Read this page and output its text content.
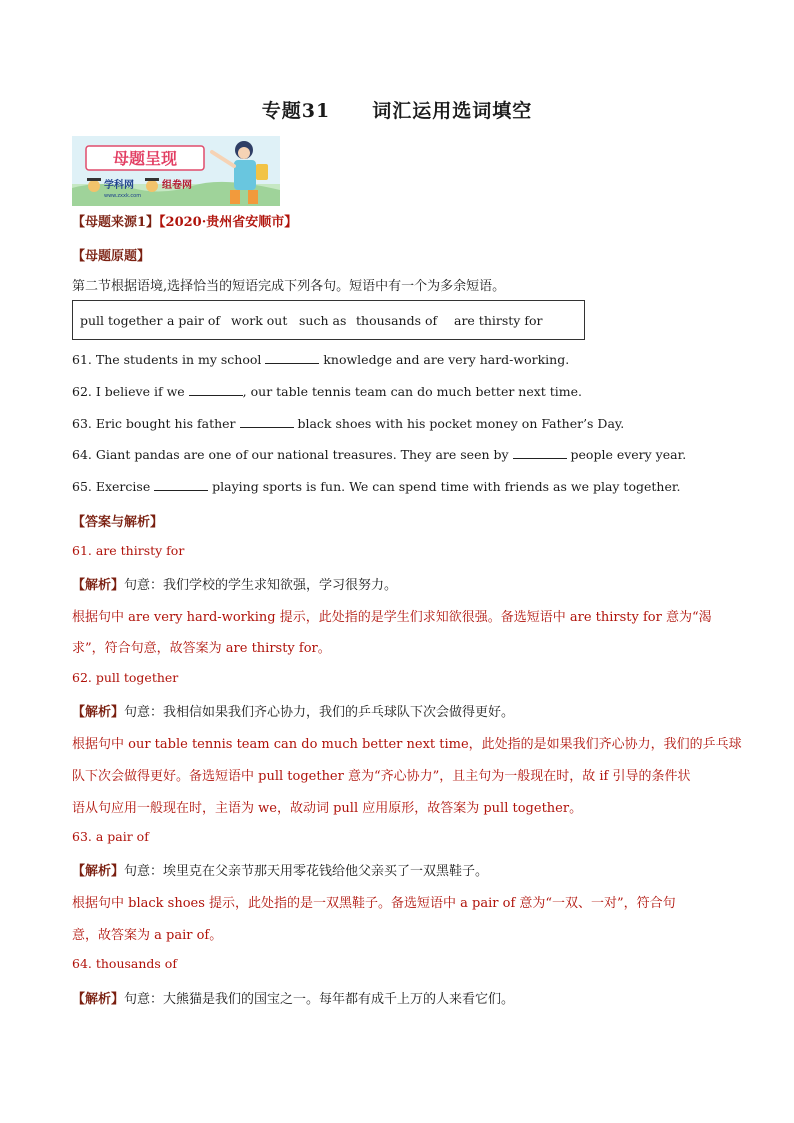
专题31 词汇运用选词填空
母题呈现
学科网
www.zxxk.com
组卷网
【母题来源1】【2020·贵州省安顺市】
【母题原题】
第二节根据语境,选择恰当的短语完成下列各句。短语中有一个为多余短语。
pull together a pair of work out such as thousands of are thirsty for
61. The students in my school	knowledge and are very hard-working.
62. I believe if we	, our table tennis team can do much better next time.
63. Eric bought his father	black shoes with his pocket money on Father’s Day.
64. Giant pandas are one of our national treasures. They are seen by	people every year.
65. Exercise	playing sports is fun. We can spend time with friends as we play together.
【答案与解析】
61. are thirsty for
【解析】句意：我们学校的学生求知欲强，学习很努力。
根据句中 are very hard-working 提示，此处指的是学生们求知欲很强。备选短语中 are thirsty for 意为“渴
求”，符合句意，故答案为 are thirsty for。
62. pull together
【解析】句意：我相信如果我们齐心协力，我们的乒乓球队下次会做得更好。
根据句中 our table tennis team can do much better next time，此处指的是如果我们齐心协力，我们的乒乓球
队下次会做得更好。备选短语中 pull together 意为“齐心协力”，且主句为一般现在时，故 if 引导的条件状
语从句应用一般现在时，主语为 we，故动词 pull 应用原形，故答案为 pull together。
63. a pair of
【解析】句意：埃里克在父亲节那天用零花钱给他父亲买了一双黑鞋子。
根据句中 black shoes 提示，此处指的是一双黑鞋子。备选短语中 a pair of 意为“一双、一对”，符合句
意，故答案为 a pair of。
64. thousands of
【解析】句意：大熊猫是我们的国宝之一。每年都有成千上万的人来看它们。
